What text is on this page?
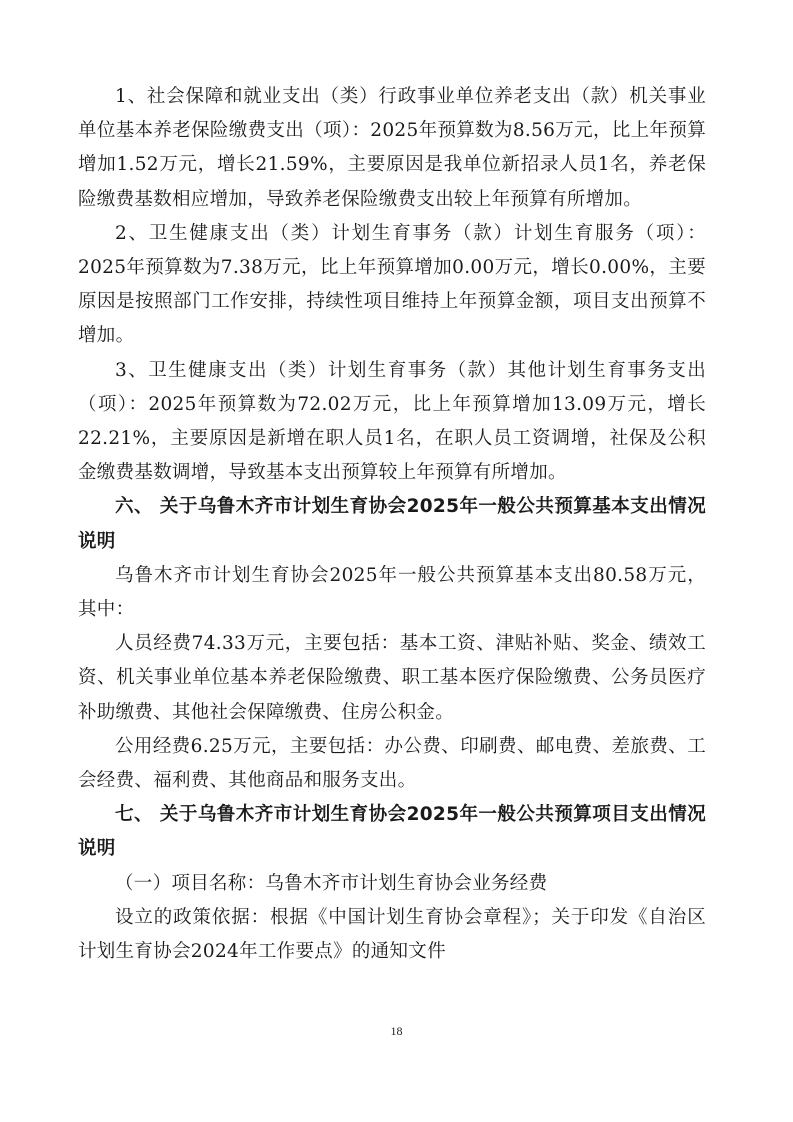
1、社会保障和就业支出（类）行政事业单位养老支出（款）机关事业单位基本养老保险缴费支出（项）：2025年预算数为8.56万元，比上年预算增加1.52万元，增长21.59%，主要原因是我单位新招录人员1名，养老保险缴费基数相应增加，导致养老保险缴费支出较上年预算有所增加。

2、卫生健康支出（类）计划生育事务（款）计划生育服务（项）：2025年预算数为7.38万元，比上年预算增加0.00万元，增长0.00%，主要原因是按照部门工作安排，持续性项目维持上年预算金额，项目支出预算不增加。

3、卫生健康支出（类）计划生育事务（款）其他计划生育事务支出（项）：2025年预算数为72.02万元，比上年预算增加13.09万元，增长22.21%，主要原因是新增在职人员1名，在职人员工资调增，社保及公积金缴费基数调增，导致基本支出预算较上年预算有所增加。

六、 关于乌鲁木齐市计划生育协会2025年一般公共预算基本支出情况说明

乌鲁木齐市计划生育协会2025年一般公共预算基本支出80.58万元，其中：

人员经费74.33万元，主要包括：基本工资、津贴补贴、奖金、绩效工资、机关事业单位基本养老保险缴费、职工基本医疗保险缴费、公务员医疗补助缴费、其他社会保障缴费、住房公积金。

公用经费6.25万元，主要包括：办公费、印刷费、邮电费、差旅费、工会经费、福利费、其他商品和服务支出。

七、 关于乌鲁木齐市计划生育协会2025年一般公共预算项目支出情况说明

（一）项目名称：乌鲁木齐市计划生育协会业务经费

设立的政策依据：根据《中国计划生育协会章程》；关于印发《自治区计划生育协会2024年工作要点》的通知文件

18
